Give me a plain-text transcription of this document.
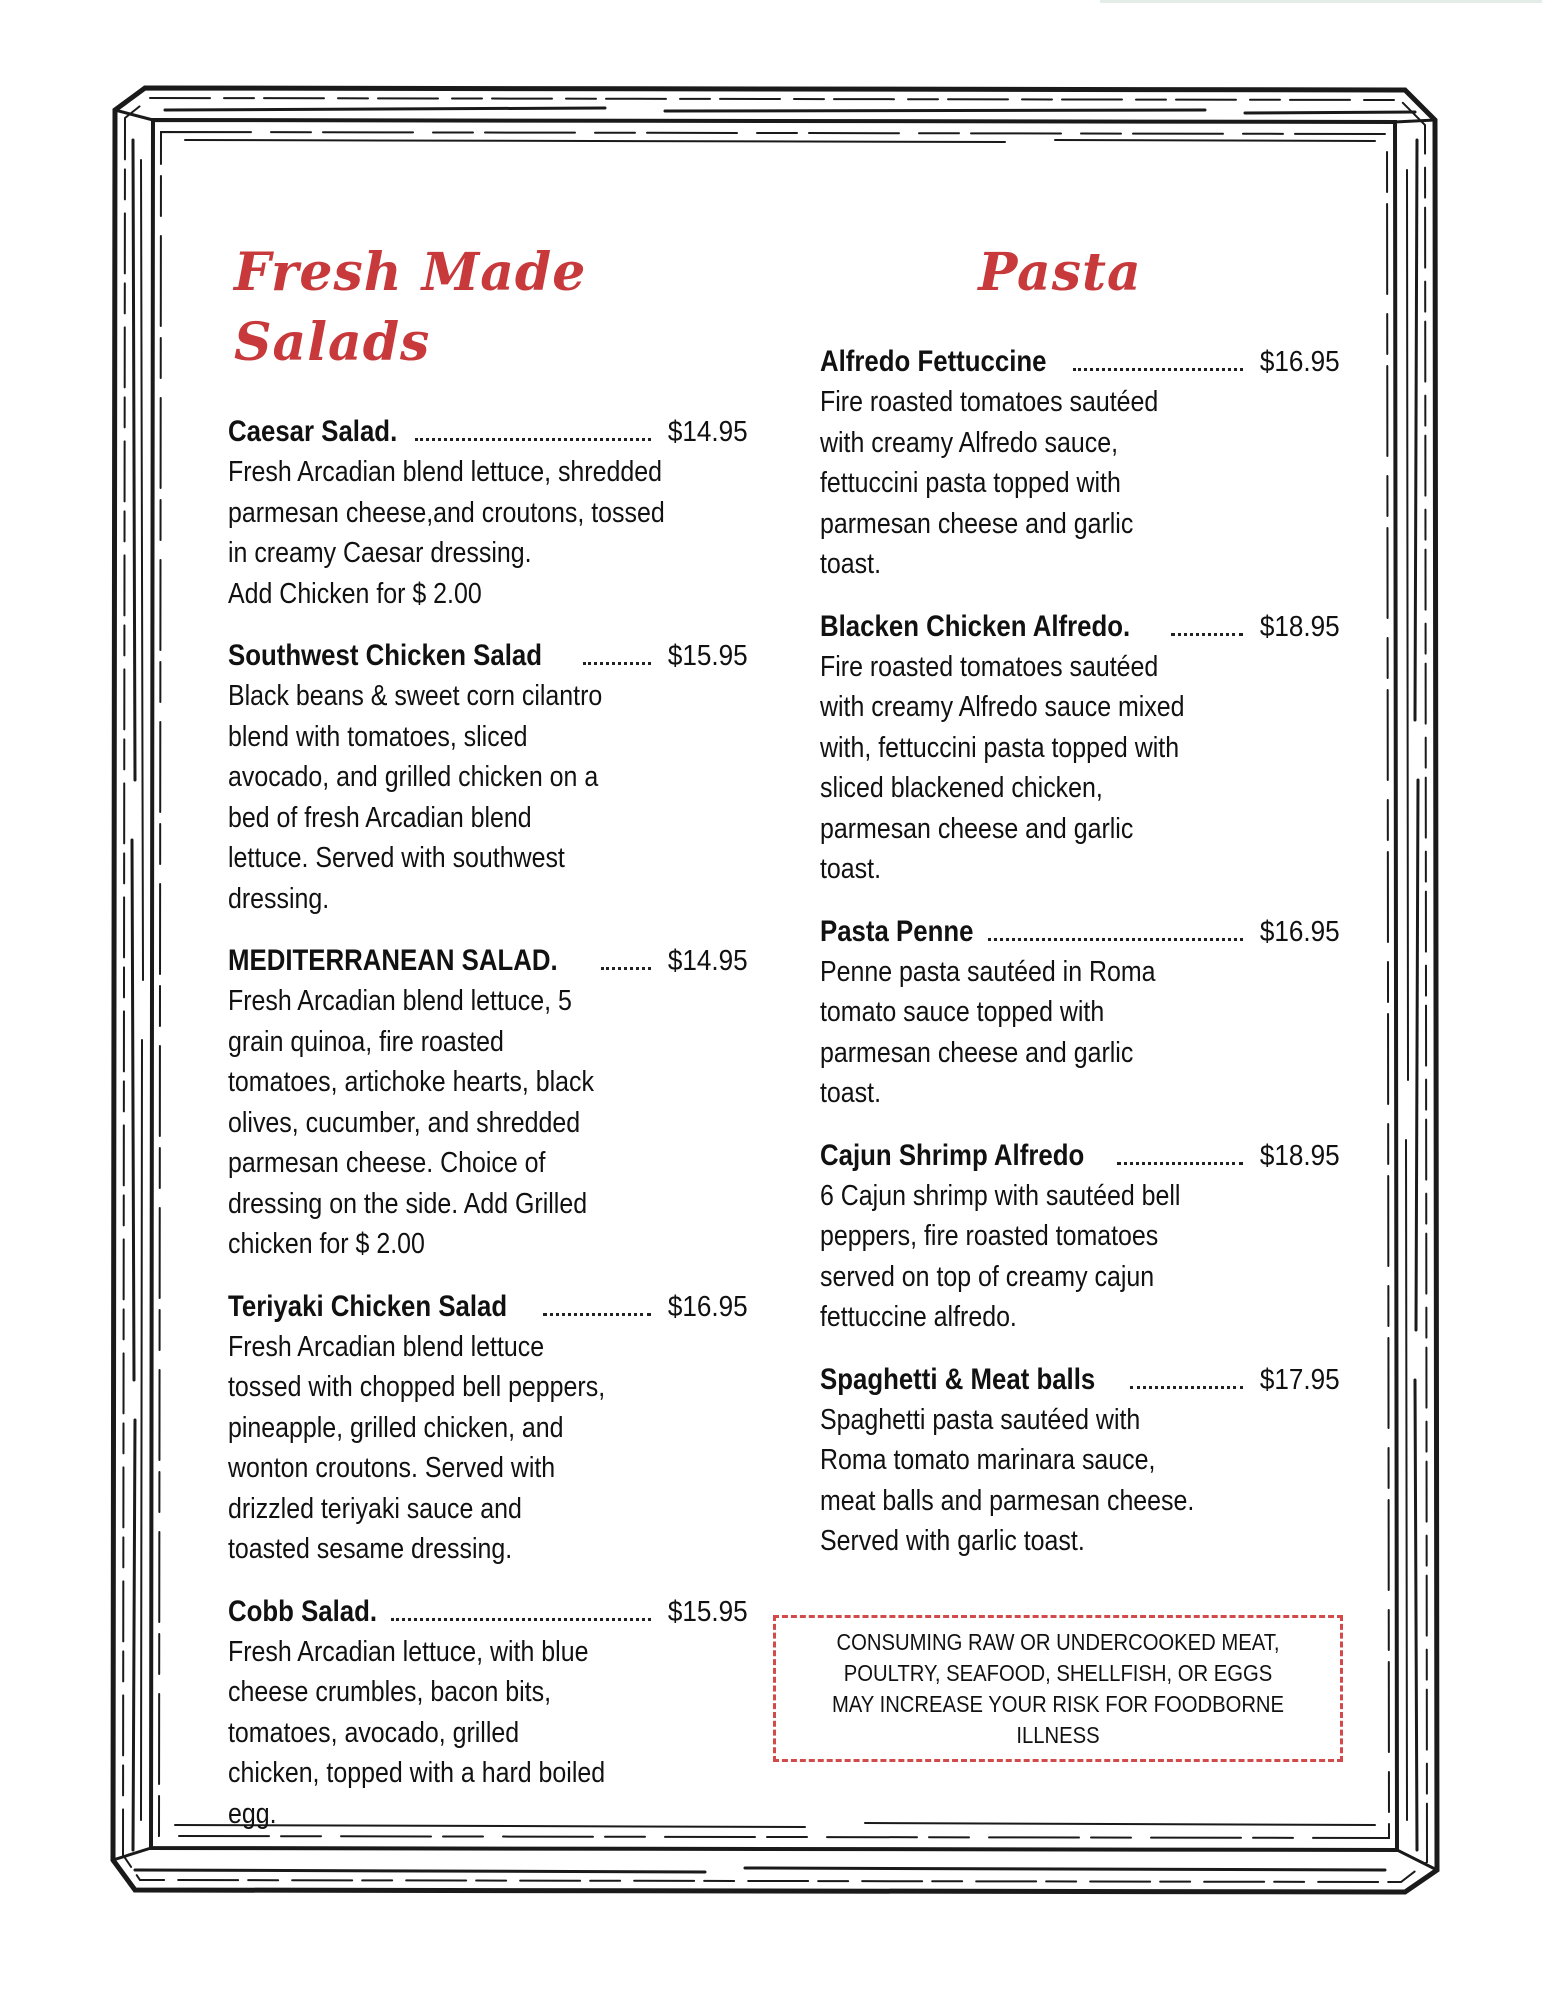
Fresh Made Salads
Caesar Salad.	$14.95
Fresh Arcadian blend lettuce, shredded
parmesan cheese,and croutons, tossed
in creamy Caesar dressing.
Add Chicken for $ 2.00
Southwest Chicken Salad	$15.95
Black beans & sweet corn cilantro
blend with tomatoes, sliced
avocado, and grilled chicken on a
bed of fresh Arcadian blend
lettuce. Served with southwest
dressing.
MEDITERRANEAN SALAD.	$14.95
Fresh Arcadian blend lettuce, 5
grain quinoa, fire roasted
tomatoes, artichoke hearts, black
olives, cucumber, and shredded
parmesan cheese. Choice of
dressing on the side. Add Grilled
chicken for $ 2.00
Teriyaki Chicken Salad	$16.95
Fresh Arcadian blend lettuce
tossed with chopped bell peppers,
pineapple, grilled chicken, and
wonton croutons. Served with
drizzled teriyaki sauce and
toasted sesame dressing.
Cobb Salad.	$15.95
Fresh Arcadian lettuce, with blue
cheese crumbles, bacon bits,
tomatoes, avocado, grilled
chicken, topped with a hard boiled
egg.
Pasta
Alfredo Fettuccine	$16.95
Fire roasted tomatoes sautéed
with creamy Alfredo sauce,
fettuccini pasta topped with
parmesan cheese and garlic
toast.
Blacken Chicken Alfredo.	$18.95
Fire roasted tomatoes sautéed
with creamy Alfredo sauce mixed
with, fettuccini pasta topped with
sliced blackened chicken,
parmesan cheese and garlic
toast.
Pasta Penne	$16.95
Penne pasta sautéed in Roma
tomato sauce topped with
parmesan cheese and garlic
toast.
Cajun Shrimp Alfredo	$18.95
6 Cajun shrimp with sautéed bell
peppers, fire roasted tomatoes
served on top of creamy cajun
fettuccine alfredo.
Spaghetti & Meat balls	$17.95
Spaghetti pasta sautéed with
Roma tomato marinara sauce,
meat balls and parmesan cheese.
Served with garlic toast.
CONSUMING RAW OR UNDERCOOKED MEAT,
POULTRY, SEAFOOD, SHELLFISH, OR EGGS
MAY INCREASE YOUR RISK FOR FOODBORNE ILLNESS
